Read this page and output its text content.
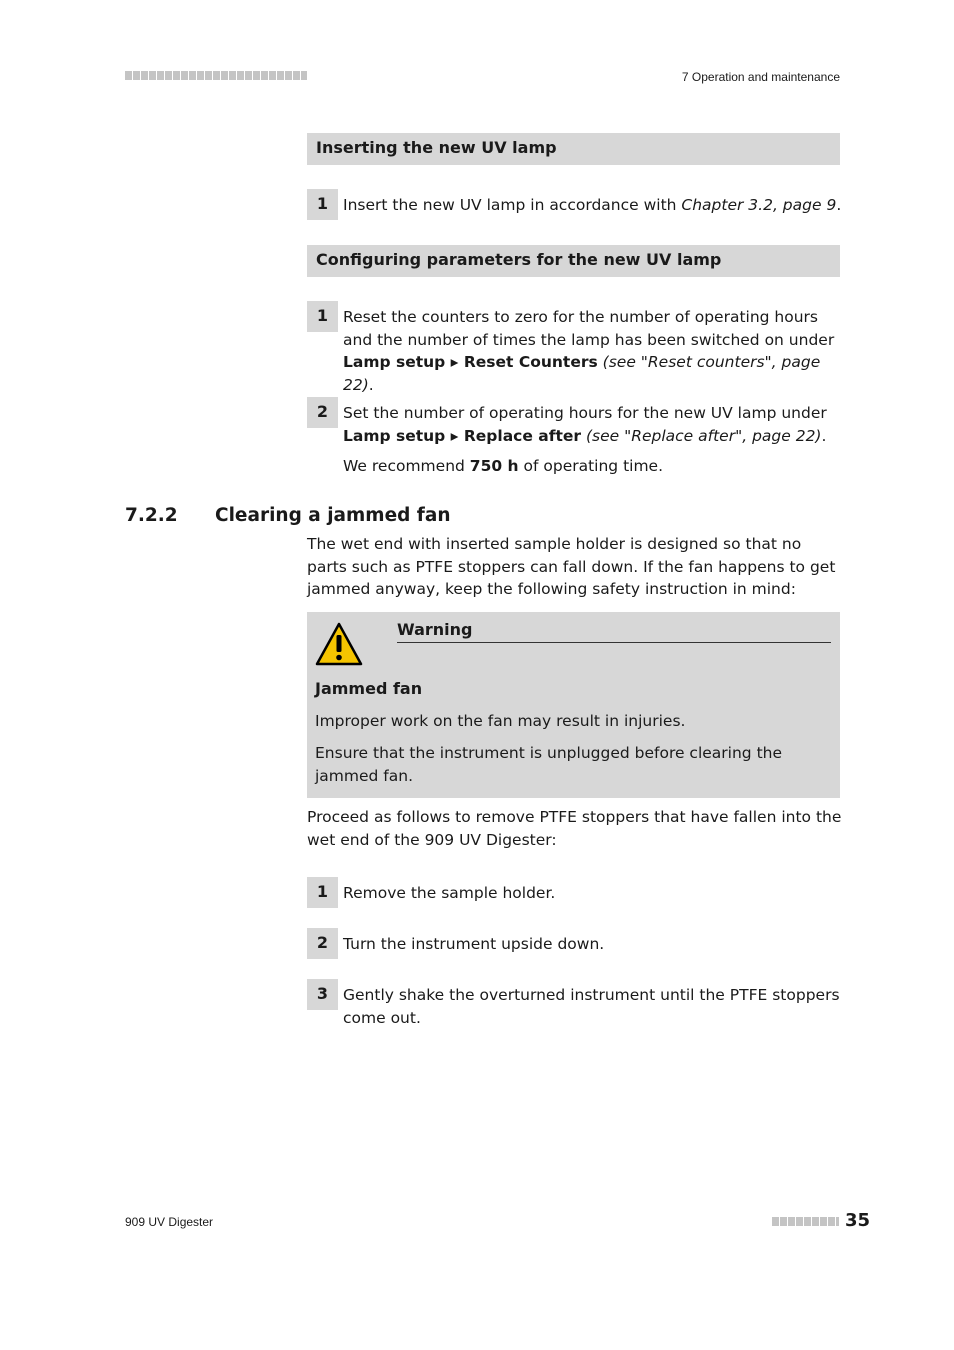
7 Operation and maintenance
Inserting the new UV lamp
1 Insert the new UV lamp in accordance with Chapter 3.2, page 9.
Configuring parameters for the new UV lamp
1 Reset the counters to zero for the number of operating hours and the number of times the lamp has been switched on under Lamp setup ▸ Reset Counters (see "Reset counters", page 22).
2 Set the number of operating hours for the new UV lamp under Lamp setup ▸ Replace after (see "Replace after", page 22).
We recommend 750 h of operating time.
7.2.2 Clearing a jammed fan
The wet end with inserted sample holder is designed so that no parts such as PTFE stoppers can fall down. If the fan happens to get jammed anyway, keep the following safety instruction in mind:
Warning
Jammed fan
Improper work on the fan may result in injuries.
Ensure that the instrument is unplugged before clearing the jammed fan.
Proceed as follows to remove PTFE stoppers that have fallen into the wet end of the 909 UV Digester:
1 Remove the sample holder.
2 Turn the instrument upside down.
3 Gently shake the overturned instrument until the PTFE stoppers come out.
909 UV Digester	35
